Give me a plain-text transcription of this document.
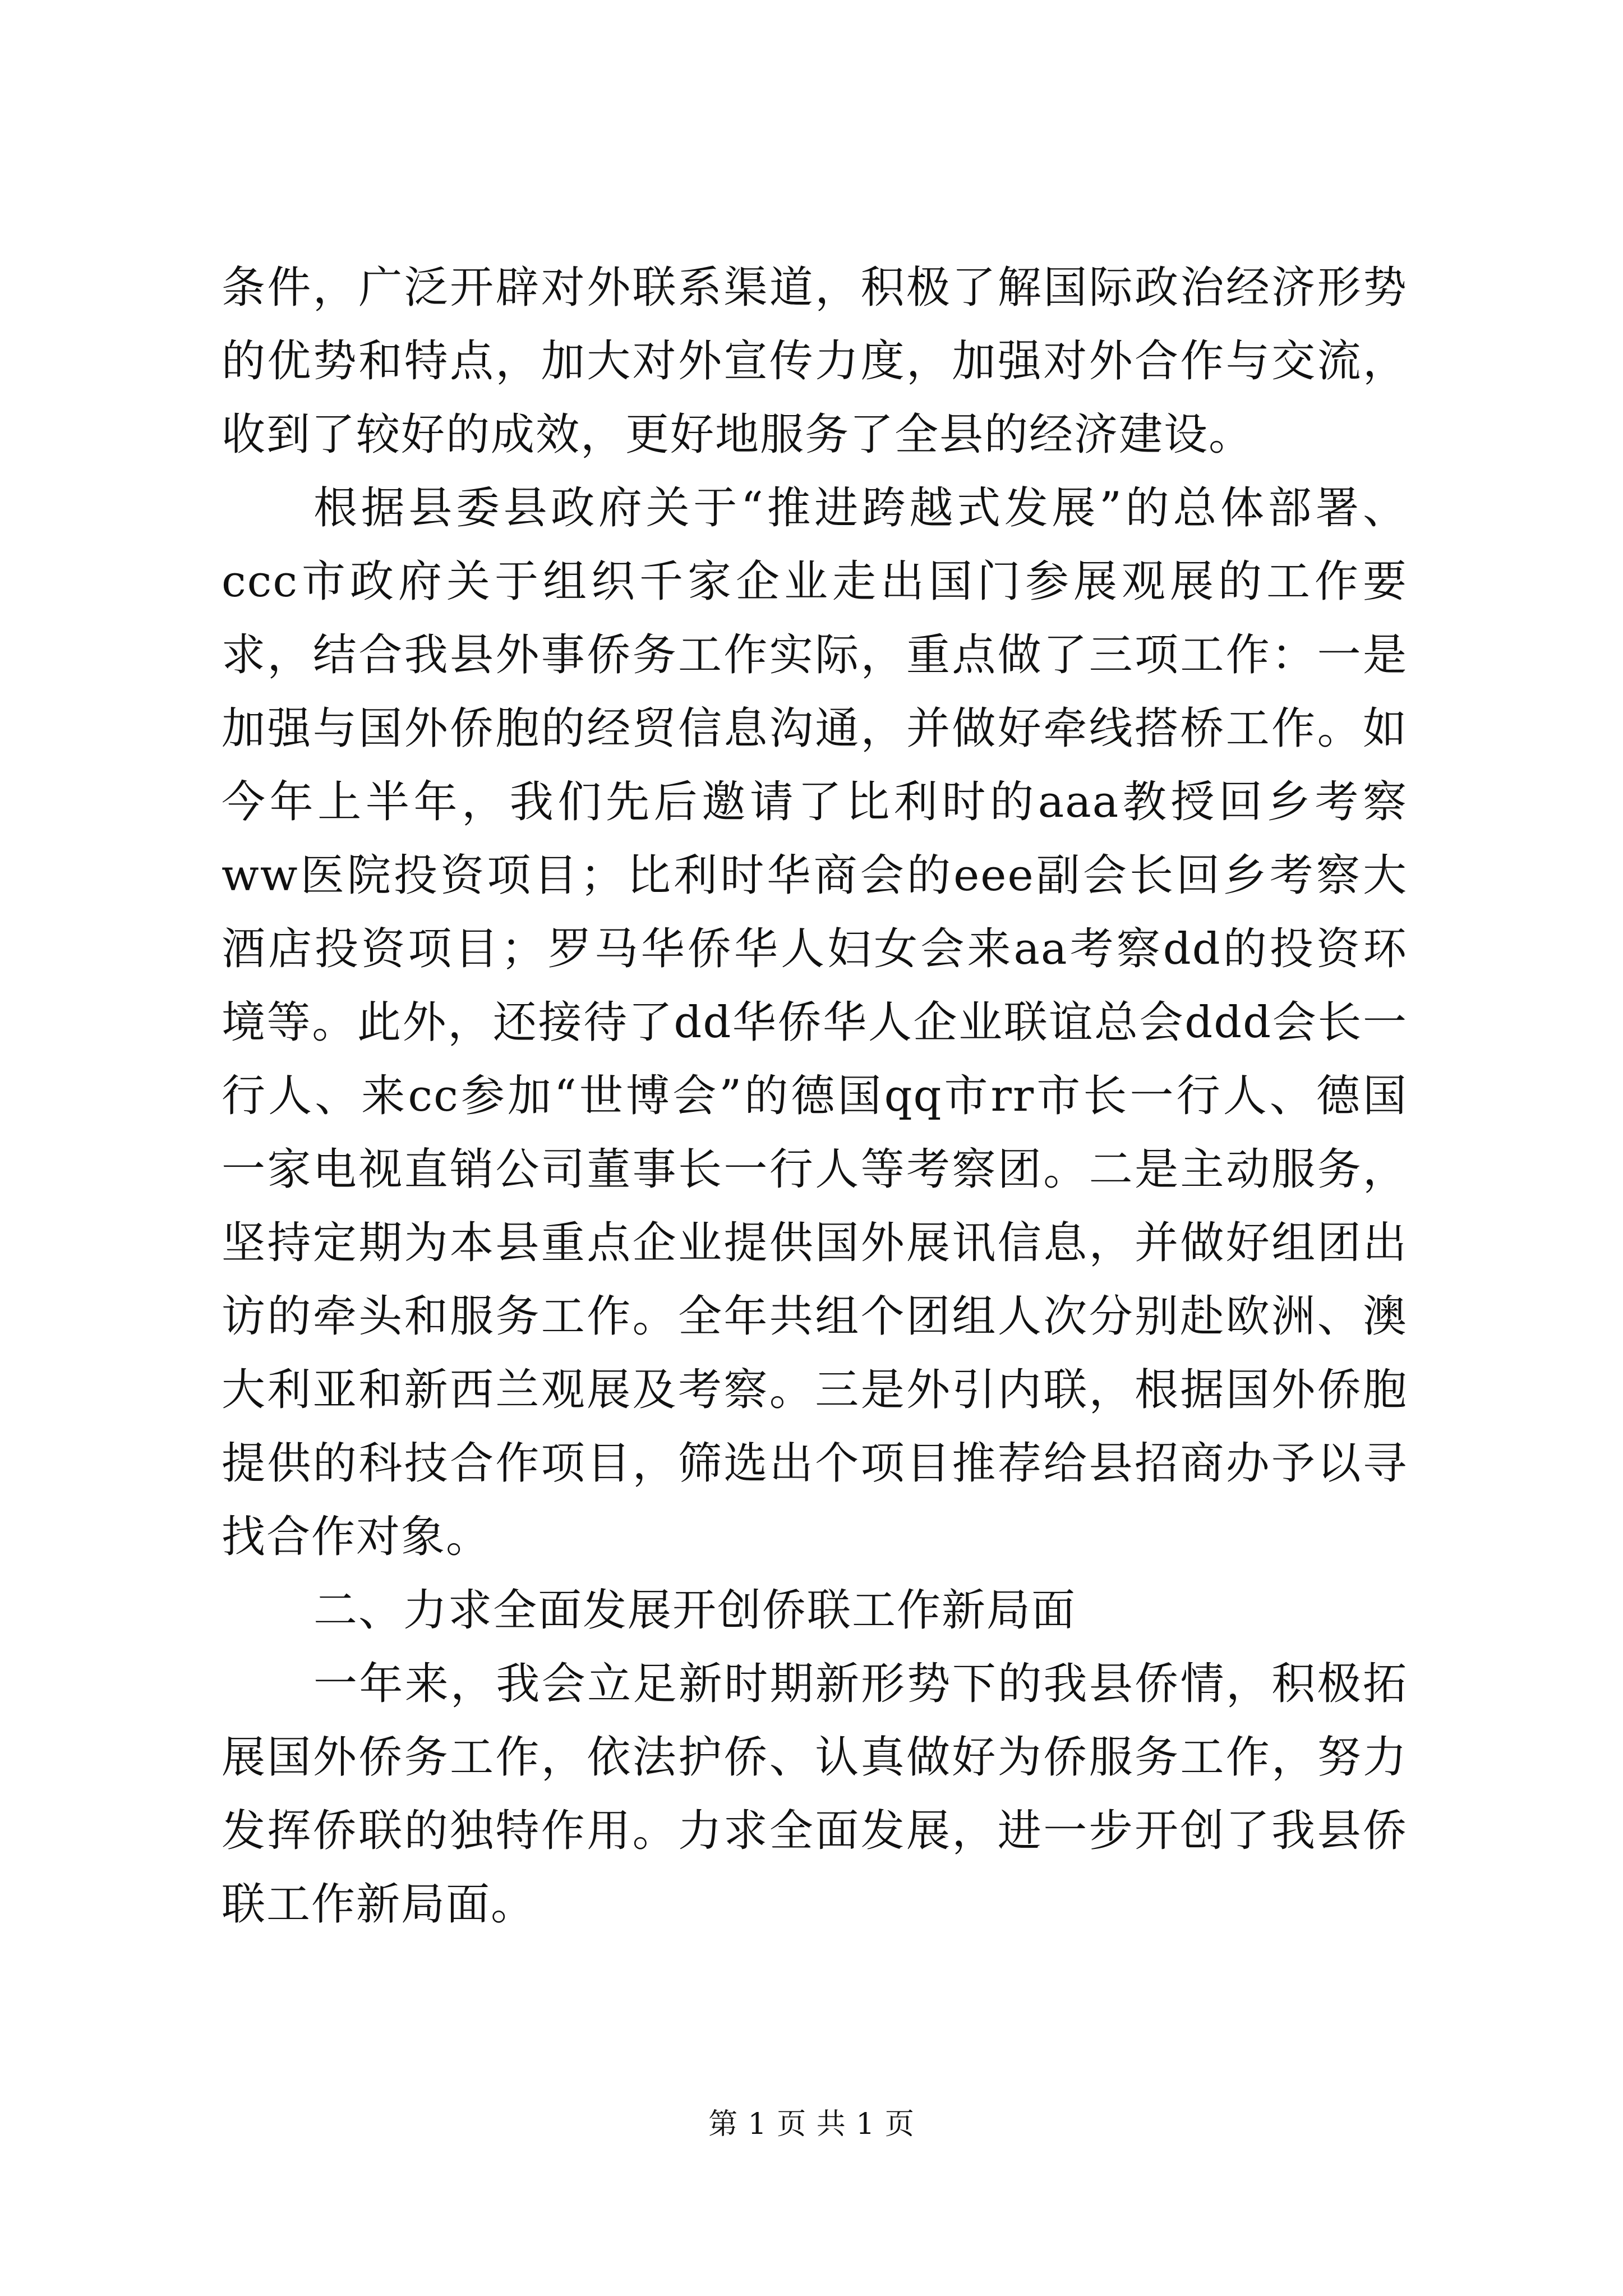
条件，广泛开辟对外联系渠道，积极了解国际政治经济形势的优势和特点，加大对外宣传力度，加强对外合作与交流，收到了较好的成效，更好地服务了全县的经济建设。

根据县委县政府关于“推进跨越式发展”的总体部署、ccc市政府关于组织千家企业走出国门参展观展的工作要求，结合我县外事侨务工作实际，重点做了三项工作：一是加强与国外侨胞的经贸信息沟通，并做好牵线搭桥工作。如今年上半年，我们先后邀请了比利时的aaa教授回乡考察ww医院投资项目；比利时华商会的eee副会长回乡考察大酒店投资项目；罗马华侨华人妇女会来aa考察dd的投资环境等。此外，还接待了dd华侨华人企业联谊总会ddd会长一行人、来cc参加“世博会”的德国qq市rr市长一行人、德国一家电视直销公司董事长一行人等考察团。二是主动服务，坚持定期为本县重点企业提供国外展讯信息，并做好组团出访的牵头和服务工作。全年共组个团组人次分别赴欧洲、澳大利亚和新西兰观展及考察。三是外引内联，根据国外侨胞提供的科技合作项目，筛选出个项目推荐给县招商办予以寻找合作对象。

二、力求全面发展开创侨联工作新局面

一年来，我会立足新时期新形势下的我县侨情，积极拓展国外侨务工作，依法护侨、认真做好为侨服务工作，努力发挥侨联的独特作用。力求全面发展，进一步开创了我县侨联工作新局面。

第 1 页 共 1 页
